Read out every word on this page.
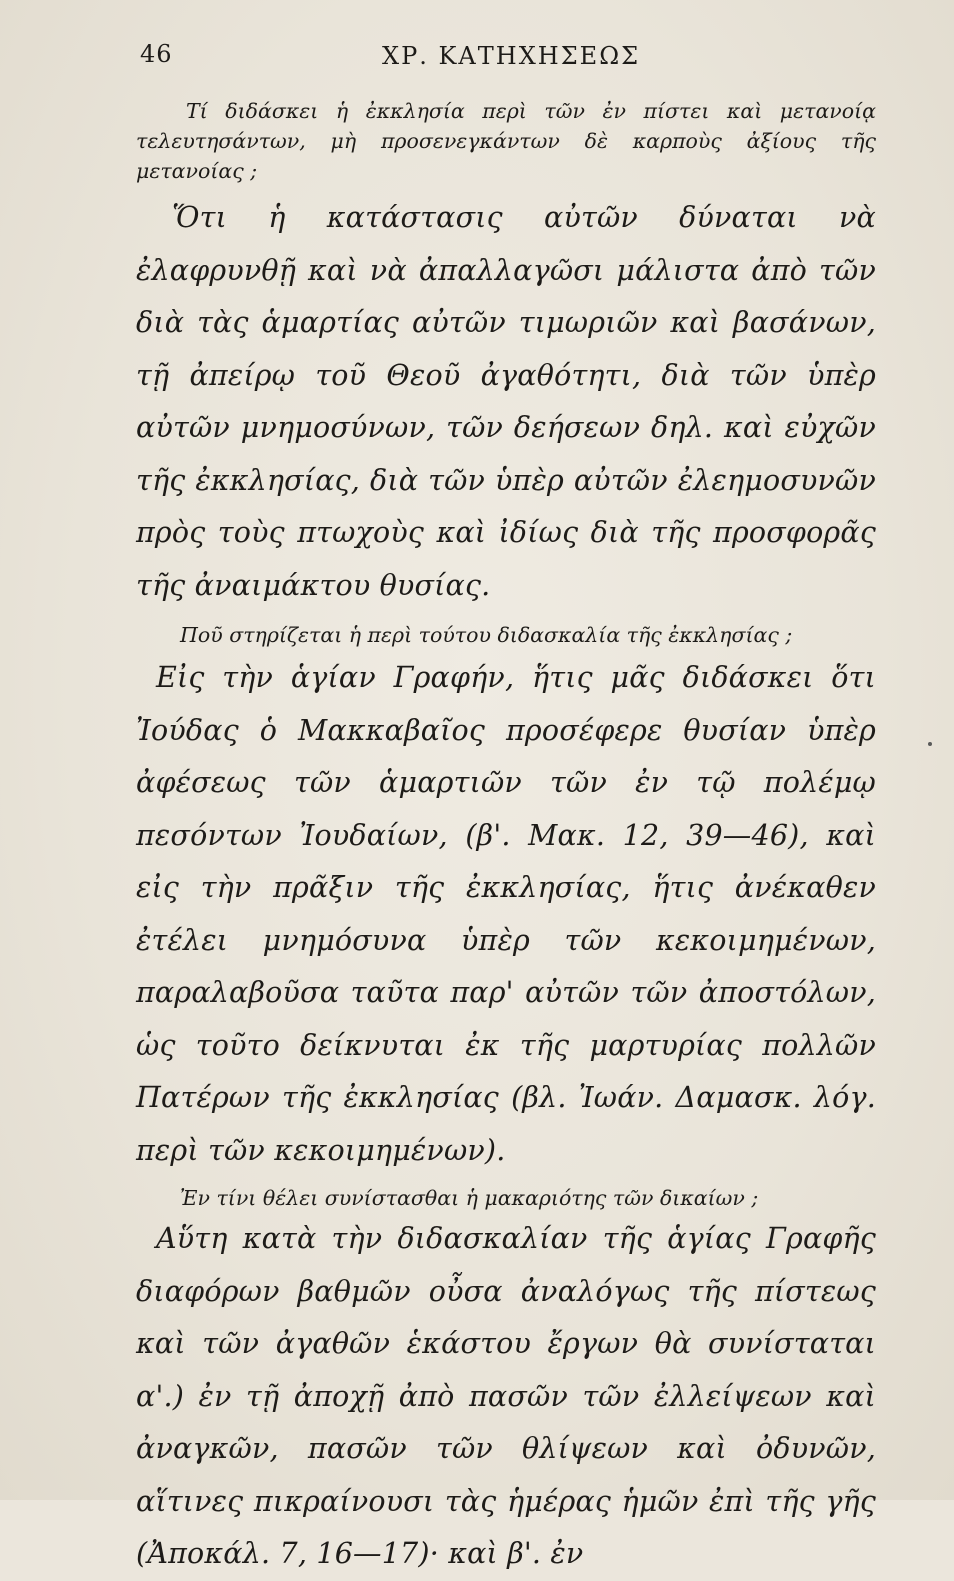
46	ΧΡ. ΚΑΤΗΧΗΣΕΩΣ

Τί διδάσκει ἡ ἐκκλησία περὶ τῶν ἐν πίστει καὶ μετανοίᾳ τελευτησάντων, μὴ προσενεγκάντων δὲ καρποὺς ἀξίους τῆς μετανοίας ;

Ὅτι ἡ κατάστασις αὐτῶν δύναται νὰ ἐλαφρυνθῇ καὶ νὰ ἀπαλλαγῶσι μάλιστα ἀπὸ τῶν διὰ τὰς ἁμαρτίας αὐτῶν τιμωριῶν καὶ βασάνων, τῇ ἀπείρῳ τοῦ Θεοῦ ἀγαθότητι, διὰ τῶν ὑπὲρ αὐτῶν μνημοσύνων, τῶν δεήσεων δηλ. καὶ εὐχῶν τῆς ἐκκλησίας, διὰ τῶν ὑπὲρ αὐτῶν ἐλεημοσυνῶν πρὸς τοὺς πτωχοὺς καὶ ἰδίως διὰ τῆς προσφορᾶς τῆς ἀναιμάκτου θυσίας.

Ποῦ στηρίζεται ἡ περὶ τούτου διδασκαλία τῆς ἐκκλησίας ;

Εἰς τὴν ἁγίαν Γραφήν, ἥτις μᾶς διδάσκει ὅτι Ἰούδας ὁ Μακκαβαῖος προσέφερε θυσίαν ὑπὲρ ἀφέσεως τῶν ἁμαρτιῶν τῶν ἐν τῷ πολέμῳ πεσόντων Ἰουδαίων, (β'. Μακ. 12, 39—46), καὶ εἰς τὴν πρᾶξιν τῆς ἐκκλησίας, ἥτις ἀνέκαθεν ἐτέλει μνημόσυνα ὑπὲρ τῶν κεκοιμημένων, παραλαβοῦσα ταῦτα παρ' αὐτῶν τῶν ἀποστόλων, ὡς τοῦτο δείκνυται ἐκ τῆς μαρτυρίας πολλῶν Πατέρων τῆς ἐκκλησίας (βλ. Ἰωάν. Δαμασκ. λόγ. περὶ τῶν κεκοιμημένων).

Ἐν τίνι θέλει συνίστασθαι ἡ μακαριότης τῶν δικαίων ;

Αὕτη κατὰ τὴν διδασκαλίαν τῆς ἁγίας Γραφῆς διαφόρων βαθμῶν οὖσα ἀναλόγως τῆς πίστεως καὶ τῶν ἀγαθῶν ἑκάστου ἔργων θὰ συνίσταται α'.) ἐν τῇ ἀποχῇ ἀπὸ πασῶν τῶν ἐλλείψεων καὶ ἀναγκῶν, πασῶν τῶν θλίψεων καὶ ὀδυνῶν, αἵτινες πικραίνουσι τὰς ἡμέρας ἡμῶν ἐπὶ τῆς γῆς (Ἀποκάλ. 7, 16—17)· καὶ β'. ἐν
